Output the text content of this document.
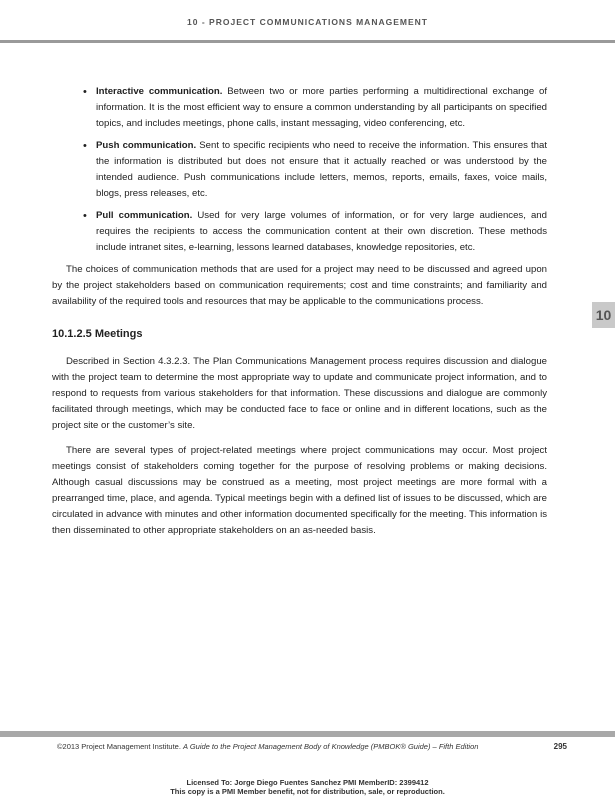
10 - PROJECT COMMUNICATIONS MANAGEMENT
• Interactive communication. Between two or more parties performing a multidirectional exchange of information. It is the most efficient way to ensure a common understanding by all participants on specified topics, and includes meetings, phone calls, instant messaging, video conferencing, etc.
• Push communication. Sent to specific recipients who need to receive the information. This ensures that the information is distributed but does not ensure that it actually reached or was understood by the intended audience. Push communications include letters, memos, reports, emails, faxes, voice mails, blogs, press releases, etc.
• Pull communication. Used for very large volumes of information, or for very large audiences, and requires the recipients to access the communication content at their own discretion. These methods include intranet sites, e-learning, lessons learned databases, knowledge repositories, etc.

The choices of communication methods that are used for a project may need to be discussed and agreed upon by the project stakeholders based on communication requirements; cost and time constraints; and familiarity and availability of the required tools and resources that may be applicable to the communications process.

10.1.2.5 Meetings

Described in Section 4.3.2.3. The Plan Communications Management process requires discussion and dialogue with the project team to determine the most appropriate way to update and communicate project information, and to respond to requests from various stakeholders for that information. These discussions and dialogue are commonly facilitated through meetings, which may be conducted face to face or online and in different locations, such as the project site or the customer’s site.

There are several types of project-related meetings where project communications may occur. Most project meetings consist of stakeholders coming together for the purpose of resolving problems or making decisions. Although casual discussions may be construed as a meeting, most project meetings are more formal with a prearranged time, place, and agenda. Typical meetings begin with a defined list of issues to be discussed, which are circulated in advance with minutes and other information documented specifically for the meeting. This information is then disseminated to other appropriate stakeholders on an as-needed basis.

10
©2013 Project Management Institute. A Guide to the Project Management Body of Knowledge (PMBOK® Guide) – Fifth Edition	295
Licensed To: Jorge Diego Fuentes Sanchez PMI MemberID: 2399412
This copy is a PMI Member benefit, not for distribution, sale, or reproduction.
